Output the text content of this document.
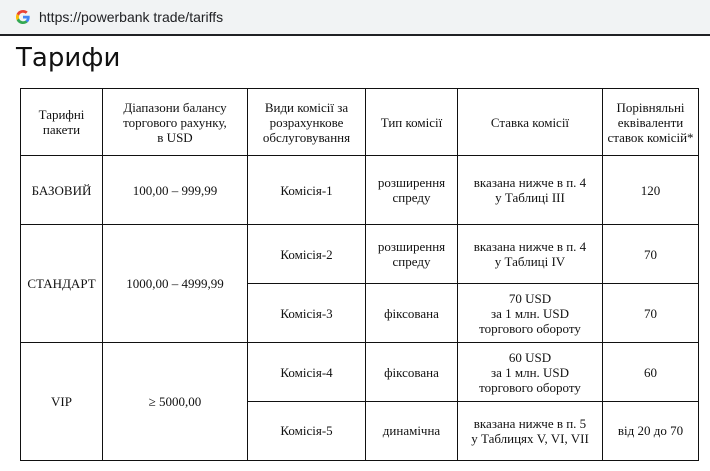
https://powerbank trade/tariffs
Тарифи
Тарифні
пакети	Діапазони балансу
торгового рахунку,
в USD	Види комісії за
розрахункове
обслуговування	Тип комісії	Ставка комісії	Порівняльні
еквіваленти
ставок комісій*

БАЗОВИЙ	100,00 – 999,99	Комісія-1	розширення
спреду	вказана нижче в п. 4
у Таблиці III	120
СТАНДАРТ	1000,00 – 4999,99	Комісія-2	розширення
спреду	вказана нижче в п. 4
у Таблиці IV	70
		Комісія-3	фіксована	70 USD
за 1 млн. USD
торгового обороту	70
VIP	≥ 5000,00	Комісія-4	фіксована	60 USD
за 1 млн. USD
торгового обороту	60
		Комісія-5	динамічна	вказана нижче в п. 5
у Таблицях V, VI, VII	від 20 до 70
